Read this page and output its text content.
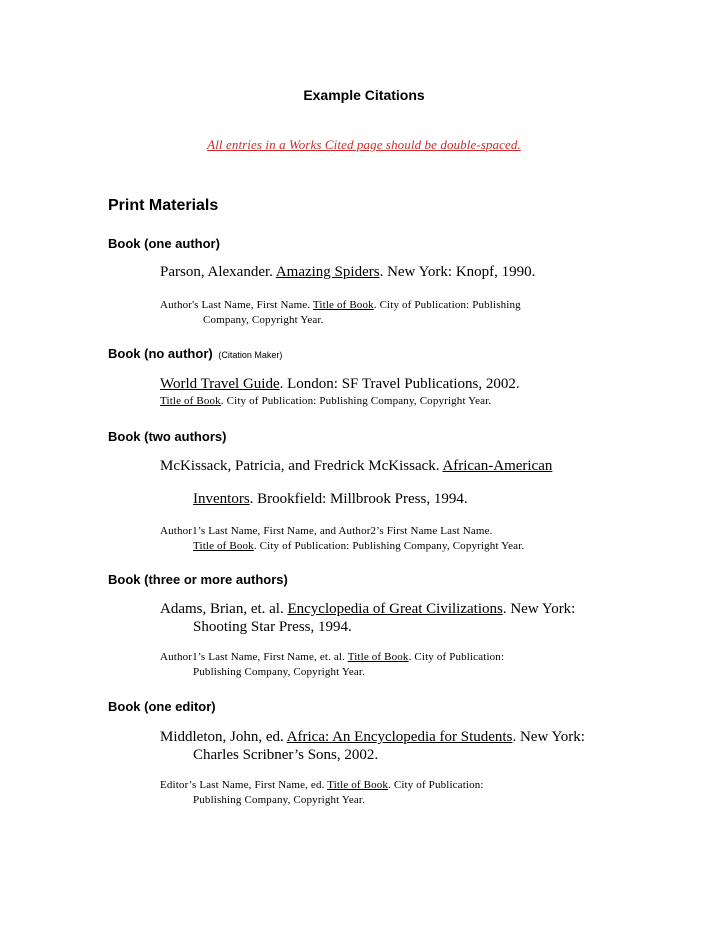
Example Citations
All entries in a Works Cited page should be double-spaced.
Print Materials
Book (one author)
Parson, Alexander. Amazing Spiders. New York: Knopf, 1990.
Author's Last Name, First Name. Title of Book. City of Publication: Publishing
Company, Copyright Year.
Book (no author) (Citation Maker)
World Travel Guide. London: SF Travel Publications, 2002.
Title of Book. City of Publication: Publishing Company, Copyright Year.
Book (two authors)
McKissack, Patricia, and Fredrick McKissack. African-American
Inventors. Brookfield: Millbrook Press, 1994.
Author1’s Last Name, First Name, and Author2’s First Name Last Name.
Title of Book. City of Publication: Publishing Company, Copyright Year.
Book (three or more authors)
Adams, Brian, et. al. Encyclopedia of Great Civilizations. New York:
Shooting Star Press, 1994.
Author1’s Last Name, First Name, et. al. Title of Book. City of Publication:
Publishing Company, Copyright Year.
Book (one editor)
Middleton, John, ed. Africa: An Encyclopedia for Students. New York:
Charles Scribner’s Sons, 2002.
Editor’s Last Name, First Name, ed. Title of Book. City of Publication:
Publishing Company, Copyright Year.
